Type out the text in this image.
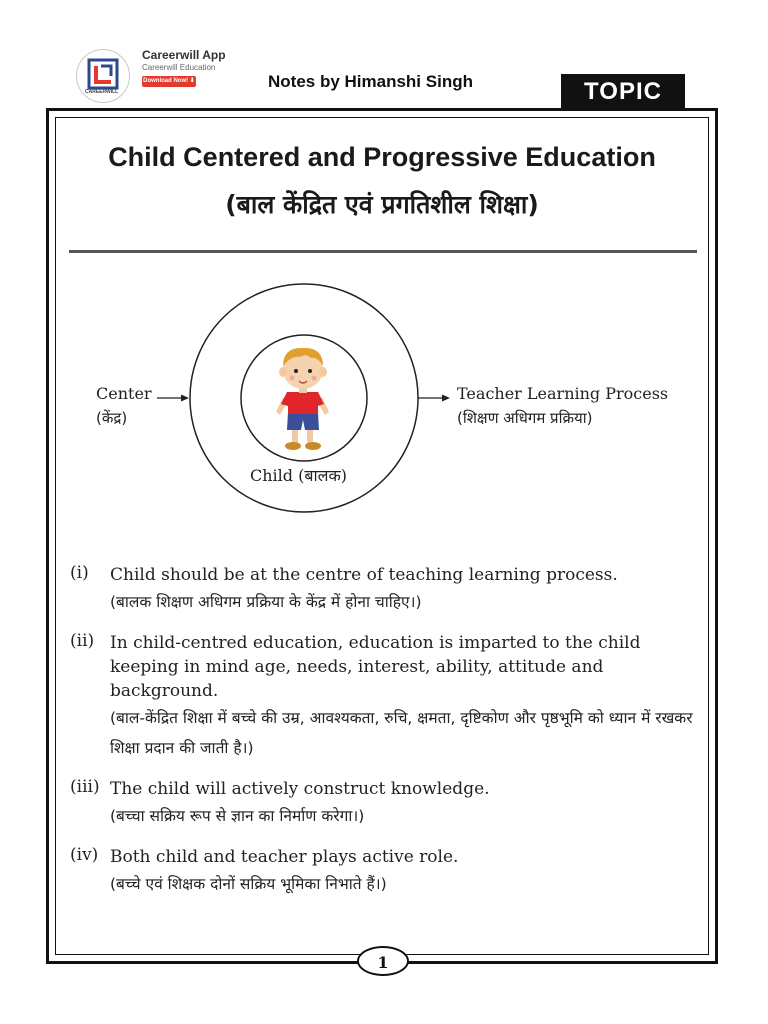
CAREERWILL
Careerwill App
Careerwill Education
Download Now! ⬇	Notes by Himanshi Singh	TOPIC
Child Centered and Progressive Education
(बाल केंद्रित एवं प्रगतिशील शिक्षा)
Center
(केंद्र)
Teacher Learning Process
(शिक्षण अधिगम प्रक्रिया)
Child (बालक)
(i) Child should be at the centre of teaching learning process.
(बालक शिक्षण अधिगम प्रक्रिया के केंद्र में होना चाहिए।)
(ii) In child-centred education, education is imparted to the child keeping in mind age, needs, interest, ability, attitude and background.
(बाल-केंद्रित शिक्षा में बच्चे की उम्र, आवश्यकता, रुचि, क्षमता, दृष्टिकोण और पृष्ठभूमि को ध्यान में रखकर शिक्षा प्रदान की जाती है।)
(iii) The child will actively construct knowledge.
(बच्चा सक्रिय रूप से ज्ञान का निर्माण करेगा।)
(iv) Both child and teacher plays active role.
(बच्चे एवं शिक्षक दोनों सक्रिय भूमिका निभाते हैं।)
1
